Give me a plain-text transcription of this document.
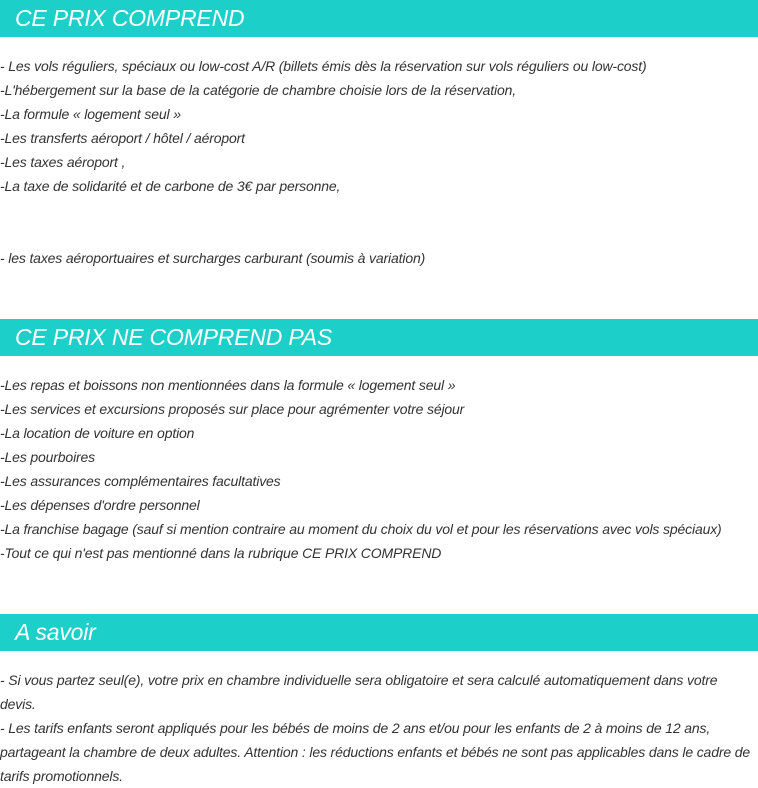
CE PRIX COMPREND
- Les vols réguliers, spéciaux ou low-cost A/R (billets émis dès la réservation sur vols réguliers ou low-cost)
-L'hébergement sur la base de la catégorie de chambre choisie lors de la réservation,
-La formule « logement seul »
-Les transferts aéroport / hôtel / aéroport
-Les taxes aéroport ,
-La taxe de solidarité et de carbone de 3€ par personne,
- les taxes aéroportuaires et surcharges carburant (soumis à variation)
CE PRIX NE COMPREND PAS
-Les repas et boissons non mentionnées dans la formule « logement seul »
-Les services et excursions proposés sur place pour agrémenter votre séjour
-La location de voiture en option
-Les pourboires
-Les assurances complémentaires facultatives
-Les dépenses d'ordre personnel
-La franchise bagage (sauf si mention contraire au moment du choix du vol et pour les réservations avec vols spéciaux)
-Tout ce qui n'est pas mentionné dans la rubrique CE PRIX COMPREND
A savoir

- Si vous partez seul(e), votre prix en chambre individuelle sera obligatoire et sera calculé automatiquement dans votre devis.

- Les tarifs enfants seront appliqués pour les bébés de moins de 2 ans et/ou pour les enfants de 2 à moins de 12 ans, partageant la chambre de deux adultes. Attention : les réductions enfants et bébés ne sont pas applicables dans le cadre de tarifs promotionnels.
